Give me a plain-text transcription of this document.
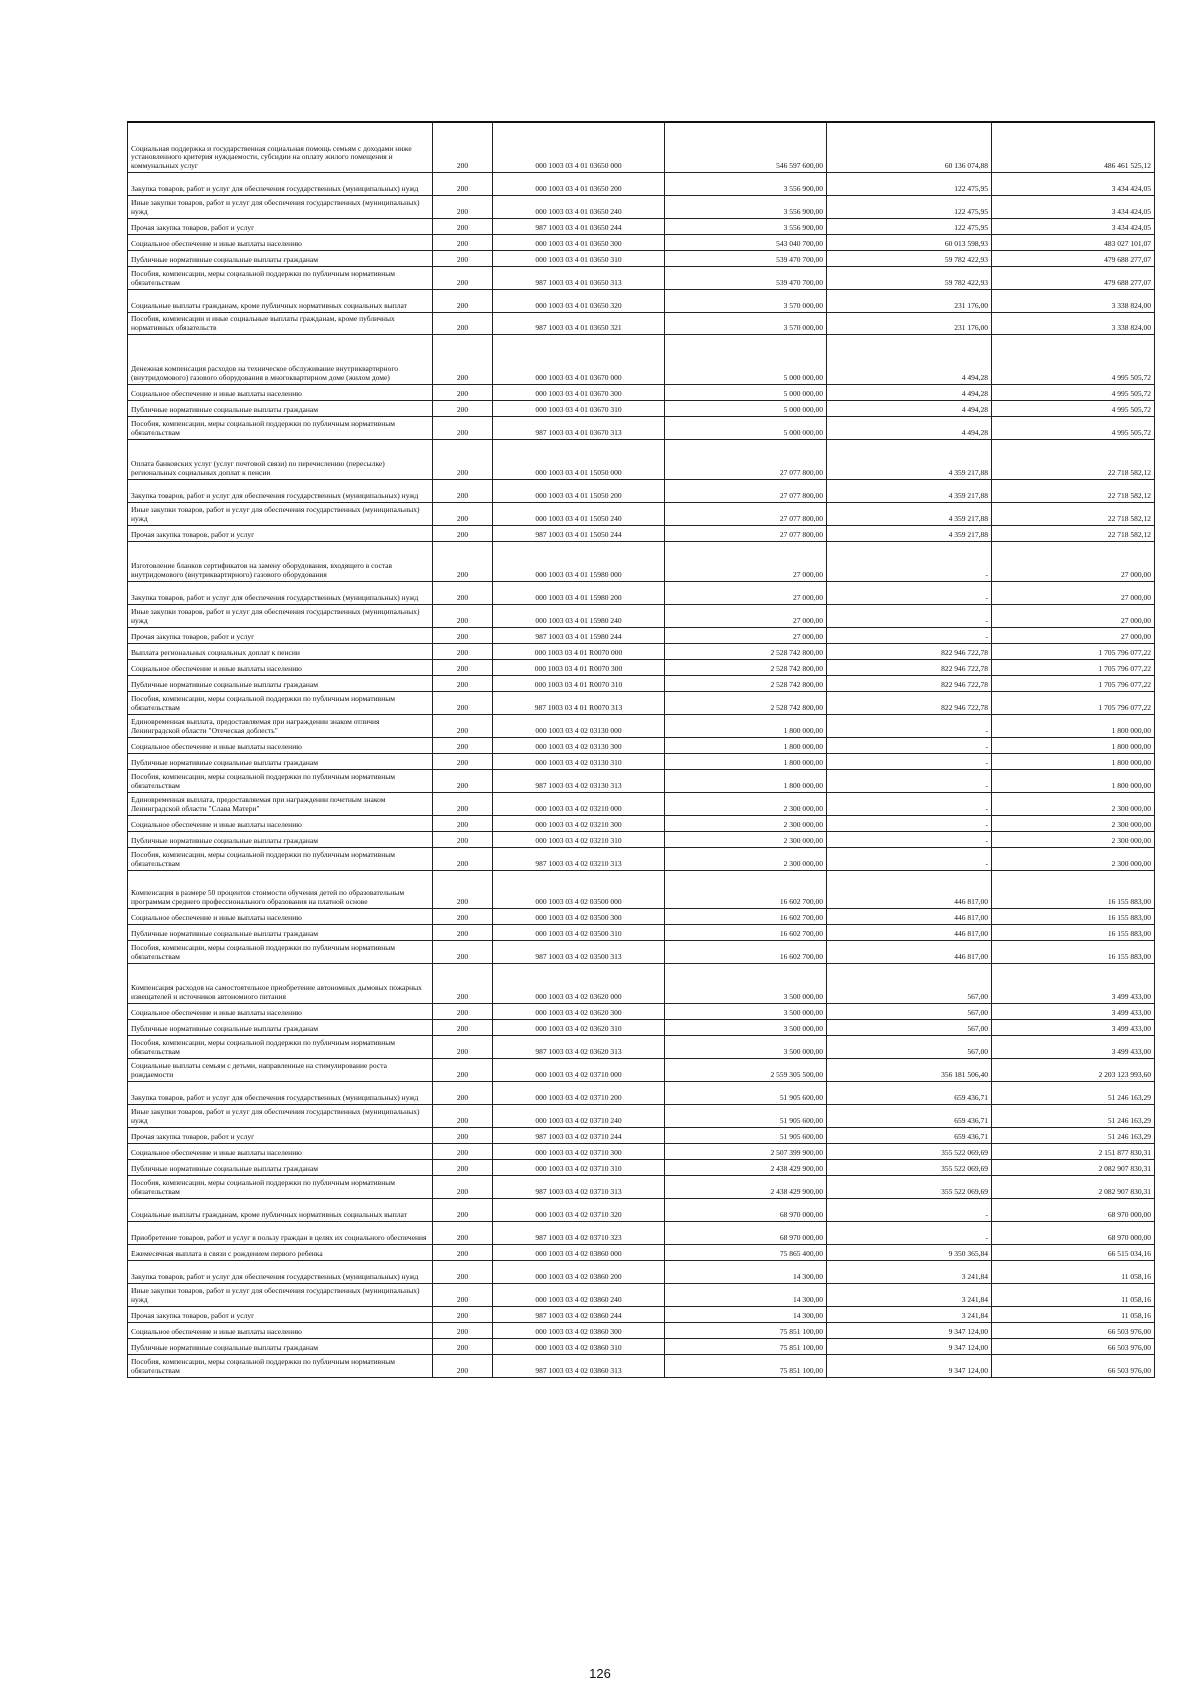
Социальная поддержка и государственная социальная помощь семьям с доходами ниже установленного критерия нуждаемости, субсидии на оплату жилого помещения и коммунальных услуг	200	000 1003 03 4 01 03650 000	546 597 600,00	60 136 074,88	486 461 525,12
Закупка товаров, работ и услуг для обеспечения государственных (муниципальных) нужд	200	000 1003 03 4 01 03650 200	3 556 900,00	122 475,95	3 434 424,05
Иные закупки товаров, работ и услуг для обеспечения государственных (муниципальных) нужд	200	000 1003 03 4 01 03650 240	3 556 900,00	122 475,95	3 434 424,05
Прочая закупка товаров, работ и услуг	200	987 1003 03 4 01 03650 244	3 556 900,00	122 475,95	3 434 424,05
Социальное обеспечение и иные выплаты населению	200	000 1003 03 4 01 03650 300	543 040 700,00	60 013 598,93	483 027 101,07
Публичные нормативные социальные выплаты гражданам	200	000 1003 03 4 01 03650 310	539 470 700,00	59 782 422,93	479 688 277,07
Пособия, компенсации, меры социальной поддержки по публичным нормативным обязательствам	200	987 1003 03 4 01 03650 313	539 470 700,00	59 782 422,93	479 688 277,07
Социальные выплаты гражданам, кроме публичных нормативных социальных выплат	200	000 1003 03 4 01 03650 320	3 570 000,00	231 176,00	3 338 824,00
Пособия, компенсации и иные социальные выплаты гражданам, кроме публичных нормативных обязательств	200	987 1003 03 4 01 03650 321	3 570 000,00	231 176,00	3 338 824,00
Денежная компенсация расходов на техническое обслуживание внутриквартирного (внутридомового) газового оборудования в многоквартирном доме (жилом доме)	200	000 1003 03 4 01 03670 000	5 000 000,00	4 494,28	4 995 505,72
Социальное обеспечение и иные выплаты населению	200	000 1003 03 4 01 03670 300	5 000 000,00	4 494,28	4 995 505,72
Публичные нормативные социальные выплаты гражданам	200	000 1003 03 4 01 03670 310	5 000 000,00	4 494,28	4 995 505,72
Пособия, компенсации, меры социальной поддержки по публичным нормативным обязательствам	200	987 1003 03 4 01 03670 313	5 000 000,00	4 494,28	4 995 505,72
Оплата банковских услуг (услуг почтовой связи) по перечислению (пересылке) региональных социальных доплат к пенсии	200	000 1003 03 4 01 15050 000	27 077 800,00	4 359 217,88	22 718 582,12
Закупка товаров, работ и услуг для обеспечения государственных (муниципальных) нужд	200	000 1003 03 4 01 15050 200	27 077 800,00	4 359 217,88	22 718 582,12
Иные закупки товаров, работ и услуг для обеспечения государственных (муниципальных) нужд	200	000 1003 03 4 01 15050 240	27 077 800,00	4 359 217,88	22 718 582,12
Прочая закупка товаров, работ и услуг	200	987 1003 03 4 01 15050 244	27 077 800,00	4 359 217,88	22 718 582,12
Изготовление бланков сертификатов на замену оборудования, входящего в состав внутридомового (внутриквартирного) газового оборудования	200	000 1003 03 4 01 15980 000	27 000,00	-	27 000,00
Закупка товаров, работ и услуг для обеспечения государственных (муниципальных) нужд	200	000 1003 03 4 01 15980 200	27 000,00	-	27 000,00
Иные закупки товаров, работ и услуг для обеспечения государственных (муниципальных) нужд	200	000 1003 03 4 01 15980 240	27 000,00	-	27 000,00
Прочая закупка товаров, работ и услуг	200	987 1003 03 4 01 15980 244	27 000,00	-	27 000,00
Выплата региональных социальных доплат к пенсии	200	000 1003 03 4 01 R0070 000	2 528 742 800,00	822 946 722,78	1 705 796 077,22
Социальное обеспечение и иные выплаты населению	200	000 1003 03 4 01 R0070 300	2 528 742 800,00	822 946 722,78	1 705 796 077,22
Публичные нормативные социальные выплаты гражданам	200	000 1003 03 4 01 R0070 310	2 528 742 800,00	822 946 722,78	1 705 796 077,22
Пособия, компенсации, меры социальной поддержки по публичным нормативным обязательствам	200	987 1003 03 4 01 R0070 313	2 528 742 800,00	822 946 722,78	1 705 796 077,22
Единовременная выплата, предоставляемая при награждении знаком отличия Ленинградской области "Отеческая доблесть"	200	000 1003 03 4 02 03130 000	1 800 000,00	-	1 800 000,00
Социальное обеспечение и иные выплаты населению	200	000 1003 03 4 02 03130 300	1 800 000,00	-	1 800 000,00
Публичные нормативные социальные выплаты гражданам	200	000 1003 03 4 02 03130 310	1 800 000,00	-	1 800 000,00
Пособия, компенсации, меры социальной поддержки по публичным нормативным обязательствам	200	987 1003 03 4 02 03130 313	1 800 000,00	-	1 800 000,00
Единовременная выплата, предоставляемая при награждении почетным знаком Ленинградской области "Слава Матери"	200	000 1003 03 4 02 03210 000	2 300 000,00	-	2 300 000,00
Социальное обеспечение и иные выплаты населению	200	000 1003 03 4 02 03210 300	2 300 000,00	-	2 300 000,00
Публичные нормативные социальные выплаты гражданам	200	000 1003 03 4 02 03210 310	2 300 000,00	-	2 300 000,00
Пособия, компенсации, меры социальной поддержки по публичным нормативным обязательствам	200	987 1003 03 4 02 03210 313	2 300 000,00	-	2 300 000,00
Компенсация в размере 50 процентов стоимости обучения детей по образовательным программам среднего профессионального образования на платной основе	200	000 1003 03 4 02 03500 000	16 602 700,00	446 817,00	16 155 883,00
Социальное обеспечение и иные выплаты населению	200	000 1003 03 4 02 03500 300	16 602 700,00	446 817,00	16 155 883,00
Публичные нормативные социальные выплаты гражданам	200	000 1003 03 4 02 03500 310	16 602 700,00	446 817,00	16 155 883,00
Пособия, компенсации, меры социальной поддержки по публичным нормативным обязательствам	200	987 1003 03 4 02 03500 313	16 602 700,00	446 817,00	16 155 883,00
Компенсация расходов на самостоятельное приобретение автономных дымовых пожарных извещателей и источников автономного питания	200	000 1003 03 4 02 03620 000	3 500 000,00	567,00	3 499 433,00
Социальное обеспечение и иные выплаты населению	200	000 1003 03 4 02 03620 300	3 500 000,00	567,00	3 499 433,00
Публичные нормативные социальные выплаты гражданам	200	000 1003 03 4 02 03620 310	3 500 000,00	567,00	3 499 433,00
Пособия, компенсации, меры социальной поддержки по публичным нормативным обязательствам	200	987 1003 03 4 02 03620 313	3 500 000,00	567,00	3 499 433,00
Социальные выплаты семьям с детьми, направленные на стимулирование роста рождаемости	200	000 1003 03 4 02 03710 000	2 559 305 500,00	356 181 506,40	2 203 123 993,60
Закупка товаров, работ и услуг для обеспечения государственных (муниципальных) нужд	200	000 1003 03 4 02 03710 200	51 905 600,00	659 436,71	51 246 163,29
Иные закупки товаров, работ и услуг для обеспечения государственных (муниципальных) нужд	200	000 1003 03 4 02 03710 240	51 905 600,00	659 436,71	51 246 163,29
Прочая закупка товаров, работ и услуг	200	987 1003 03 4 02 03710 244	51 905 600,00	659 436,71	51 246 163,29
Социальное обеспечение и иные выплаты населению	200	000 1003 03 4 02 03710 300	2 507 399 900,00	355 522 069,69	2 151 877 830,31
Публичные нормативные социальные выплаты гражданам	200	000 1003 03 4 02 03710 310	2 438 429 900,00	355 522 069,69	2 082 907 830,31
Пособия, компенсации, меры социальной поддержки по публичным нормативным обязательствам	200	987 1003 03 4 02 03710 313	2 438 429 900,00	355 522 069,69	2 082 907 830,31
Социальные выплаты гражданам, кроме публичных нормативных социальных выплат	200	000 1003 03 4 02 03710 320	68 970 000,00	-	68 970 000,00
Приобретение товаров, работ и услуг в пользу граждан в целях их социального обеспечения	200	987 1003 03 4 02 03710 323	68 970 000,00	-	68 970 000,00
Ежемесячная выплата в связи с рождением первого ребенка	200	000 1003 03 4 02 03860 000	75 865 400,00	9 350 365,84	66 515 034,16
Закупка товаров, работ и услуг для обеспечения государственных (муниципальных) нужд	200	000 1003 03 4 02 03860 200	14 300,00	3 241,84	11 058,16
Иные закупки товаров, работ и услуг для обеспечения государственных (муниципальных) нужд	200	000 1003 03 4 02 03860 240	14 300,00	3 241,84	11 058,16
Прочая закупка товаров, работ и услуг	200	987 1003 03 4 02 03860 244	14 300,00	3 241,84	11 058,16
Социальное обеспечение и иные выплаты населению	200	000 1003 03 4 02 03860 300	75 851 100,00	9 347 124,00	66 503 976,00
Публичные нормативные социальные выплаты гражданам	200	000 1003 03 4 02 03860 310	75 851 100,00	9 347 124,00	66 503 976,00
Пособия, компенсации, меры социальной поддержки по публичным нормативным обязательствам	200	987 1003 03 4 02 03860 313	75 851 100,00	9 347 124,00	66 503 976,00
126
